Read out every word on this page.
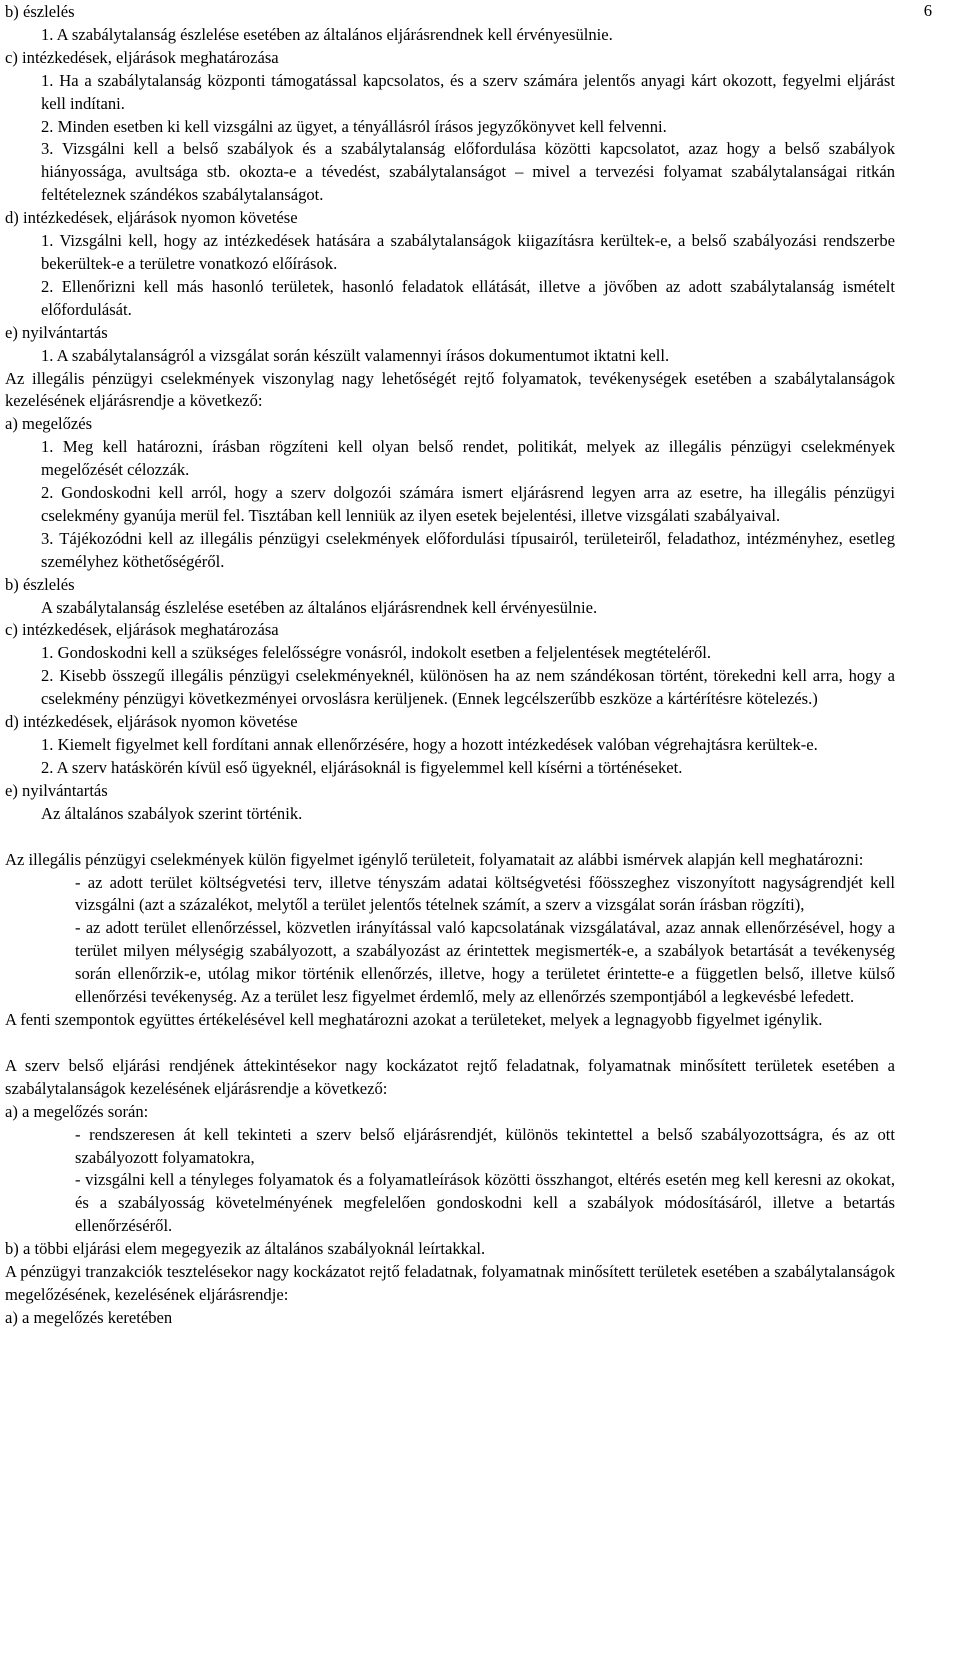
6

b) észlelés

1. A szabálytalanság észlelése esetében az általános eljárásrendnek kell érvényesülnie.

c) intézkedések, eljárások meghatározása

1. Ha a szabálytalanság központi támogatással kapcsolatos, és a szerv számára jelentős anyagi kárt okozott, fegyelmi eljárást kell indítani.

2. Minden esetben ki kell vizsgálni az ügyet, a tényállásról írásos jegyzőkönyvet kell felvenni.

3. Vizsgálni kell a belső szabályok és a szabálytalanság előfordulása közötti kapcsolatot, azaz hogy a belső szabályok hiányossága, avultsága stb. okozta-e a tévedést, szabálytalanságot – mivel a tervezési folyamat szabálytalanságai ritkán feltételeznek szándékos szabálytalanságot.

d) intézkedések, eljárások nyomon követése

1. Vizsgálni kell, hogy az intézkedések hatására a szabálytalanságok kiigazításra kerültek-e, a belső szabályozási rendszerbe bekerültek-e a területre vonatkozó előírások.

2. Ellenőrizni kell más hasonló területek, hasonló feladatok ellátását, illetve a jövőben az adott szabálytalanság ismételt előfordulását.

e) nyilvántartás

1. A szabálytalanságról a vizsgálat során készült valamennyi írásos dokumentumot iktatni kell.

Az illegális pénzügyi cselekmények viszonylag nagy lehetőségét rejtő folyamatok, tevékenységek esetében a szabálytalanságok kezelésének eljárásrendje a következő:

a) megelőzés

1. Meg kell határozni, írásban rögzíteni kell olyan belső rendet, politikát, melyek az illegális pénzügyi cselekmények megelőzését célozzák.

2. Gondoskodni kell arról, hogy a szerv dolgozói számára ismert eljárásrend legyen arra az esetre, ha illegális pénzügyi cselekmény gyanúja merül fel. Tisztában kell lenniük az ilyen esetek bejelentési, illetve vizsgálati szabályaival.

3. Tájékozódni kell az illegális pénzügyi cselekmények előfordulási típusairól, területeiről, feladathoz, intézményhez, esetleg személyhez köthetőségéről.

b) észlelés

A szabálytalanság észlelése esetében az általános eljárásrendnek kell érvényesülnie.

c) intézkedések, eljárások meghatározása

1. Gondoskodni kell a szükséges felelősségre vonásról, indokolt esetben a feljelentések megtételéről.

2. Kisebb összegű illegális pénzügyi cselekményeknél, különösen ha az nem szándékosan történt, törekedni kell arra, hogy a cselekmény pénzügyi következményei orvoslásra kerüljenek. (Ennek legcélszerűbb eszköze a kártérítésre kötelezés.)

d) intézkedések, eljárások nyomon követése

1. Kiemelt figyelmet kell fordítani annak ellenőrzésére, hogy a hozott intézkedések valóban végrehajtásra kerültek-e.

2. A szerv hatáskörén kívül eső ügyeknél, eljárásoknál is figyelemmel kell kísérni a történéseket.

e) nyilvántartás

Az általános szabályok szerint történik.

Az illegális pénzügyi cselekmények külön figyelmet igénylő területeit, folyamatait az alábbi ismérvek alapján kell meghatározni:

- az adott terület költségvetési terv, illetve tényszám adatai költségvetési főösszeghez viszonyított nagyságrendjét kell vizsgálni (azt a százalékot, melytől a terület jelentős tételnek számít, a szerv a vizsgálat során írásban rögzíti),

- az adott terület ellenőrzéssel, közvetlen irányítással való kapcsolatának vizsgálatával, azaz annak ellenőrzésével, hogy a terület milyen mélységig szabályozott, a szabályozást az érintettek megismerték-e, a szabályok betartását a tevékenység során ellenőrzik-e, utólag mikor történik ellenőrzés, illetve, hogy a területet érintette-e a független belső, illetve külső ellenőrzési tevékenység. Az a terület lesz figyelmet érdemlő, mely az ellenőrzés szempontjából a legkevésbé lefedett.

A fenti szempontok együttes értékelésével kell meghatározni azokat a területeket, melyek a legnagyobb figyelmet igénylik.

A szerv belső eljárási rendjének áttekintésekor nagy kockázatot rejtő feladatnak, folyamatnak minősített területek esetében a szabálytalanságok kezelésének eljárásrendje a következő:

a) a megelőzés során:

- rendszeresen át kell tekinteti a szerv belső eljárásrendjét, különös tekintettel a belső szabályozottságra, és az ott szabályozott folyamatokra,

- vizsgálni kell a tényleges folyamatok és a folyamatleírások közötti összhangot, eltérés esetén meg kell keresni az okokat, és a szabályosság követelményének megfelelően gondoskodni kell a szabályok módosításáról, illetve a betartás ellenőrzéséről.

b) a többi eljárási elem megegyezik az általános szabályoknál leírtakkal.

A pénzügyi tranzakciók tesztelésekor nagy kockázatot rejtő feladatnak, folyamatnak minősített területek esetében a szabálytalanságok megelőzésének, kezelésének eljárásrendje:

a) a megelőzés keretében
